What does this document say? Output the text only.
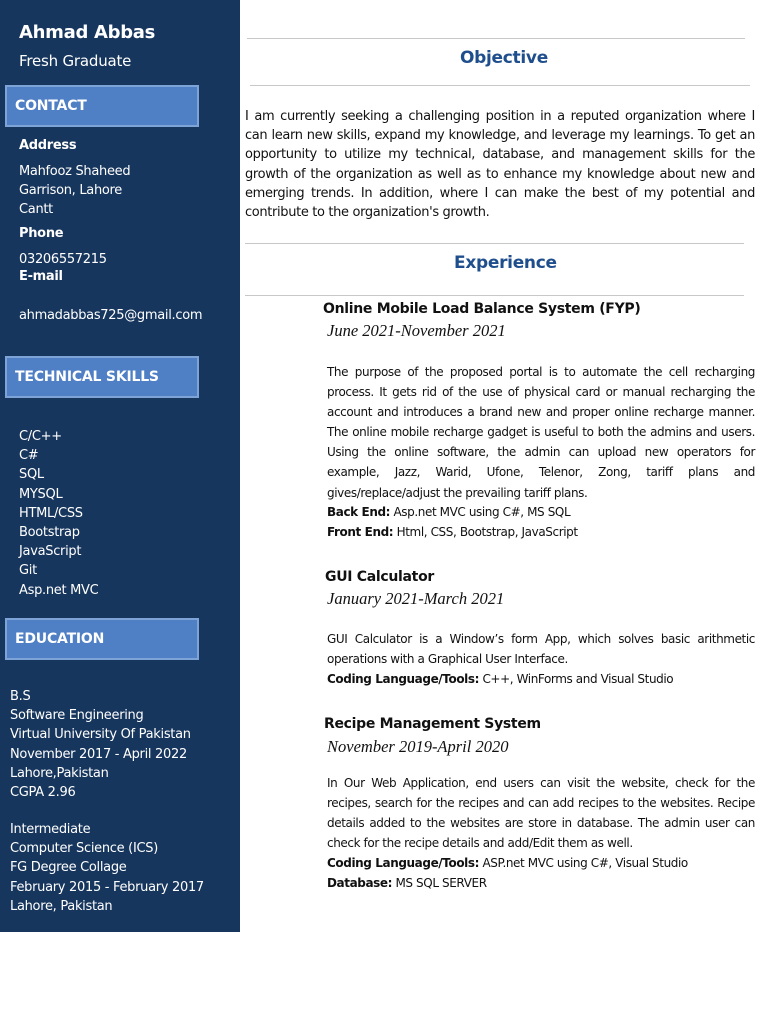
Ahmad Abbas
Fresh Graduate
CONTACT
Address
Mahfooz Shaheed
Garrison, Lahore
Cantt
Phone
03206557215
E-mail
ahmadabbas725@gmail.com
TECHNICAL SKILLS
C/C++
C#
SQL
MYSQL
HTML/CSS
Bootstrap
JavaScript
Git
Asp.net MVC
EDUCATION
B.S
Software Engineering
Virtual University Of Pakistan
November 2017 - April 2022
Lahore,Pakistan
CGPA 2.96
Intermediate
Computer Science (ICS)
FG Degree Collage
February 2015 - February 2017
Lahore, Pakistan
Objective
I am currently seeking a challenging position in a reputed organization where I can learn new skills, expand my knowledge, and leverage my learnings. To get an opportunity to utilize my technical, database, and management skills for the growth of the organization as well as to enhance my knowledge about new and emerging trends. In addition, where I can make the best of my potential and contribute to the organization's growth.
Experience
Online Mobile Load Balance System (FYP)
June 2021-November 2021
The purpose of the proposed portal is to automate the cell recharging process. It gets rid of the use of physical card or manual recharging the account and introduces a brand new and proper online recharge manner. The online mobile recharge gadget is useful to both the admins and users. Using the online software, the admin can upload new operators for example, Jazz, Warid, Ufone, Telenor, Zong, tariff plans and gives/replace/adjust the prevailing tariff plans.
Back End: Asp.net MVC using C#, MS SQL
Front End: Html, CSS, Bootstrap, JavaScript
GUI Calculator
January 2021-March 2021
GUI Calculator is a Window’s form App, which solves basic arithmetic operations with a Graphical User Interface.
Coding Language/Tools: C++, WinForms and Visual Studio
Recipe Management System
November 2019-April 2020
In Our Web Application, end users can visit the website, check for the recipes, search for the recipes and can add recipes to the websites. Recipe details added to the websites are store in database. The admin user can check for the recipe details and add/Edit them as well.
Coding Language/Tools: ASP.net MVC using C#, Visual Studio
Database: MS SQL SERVER
